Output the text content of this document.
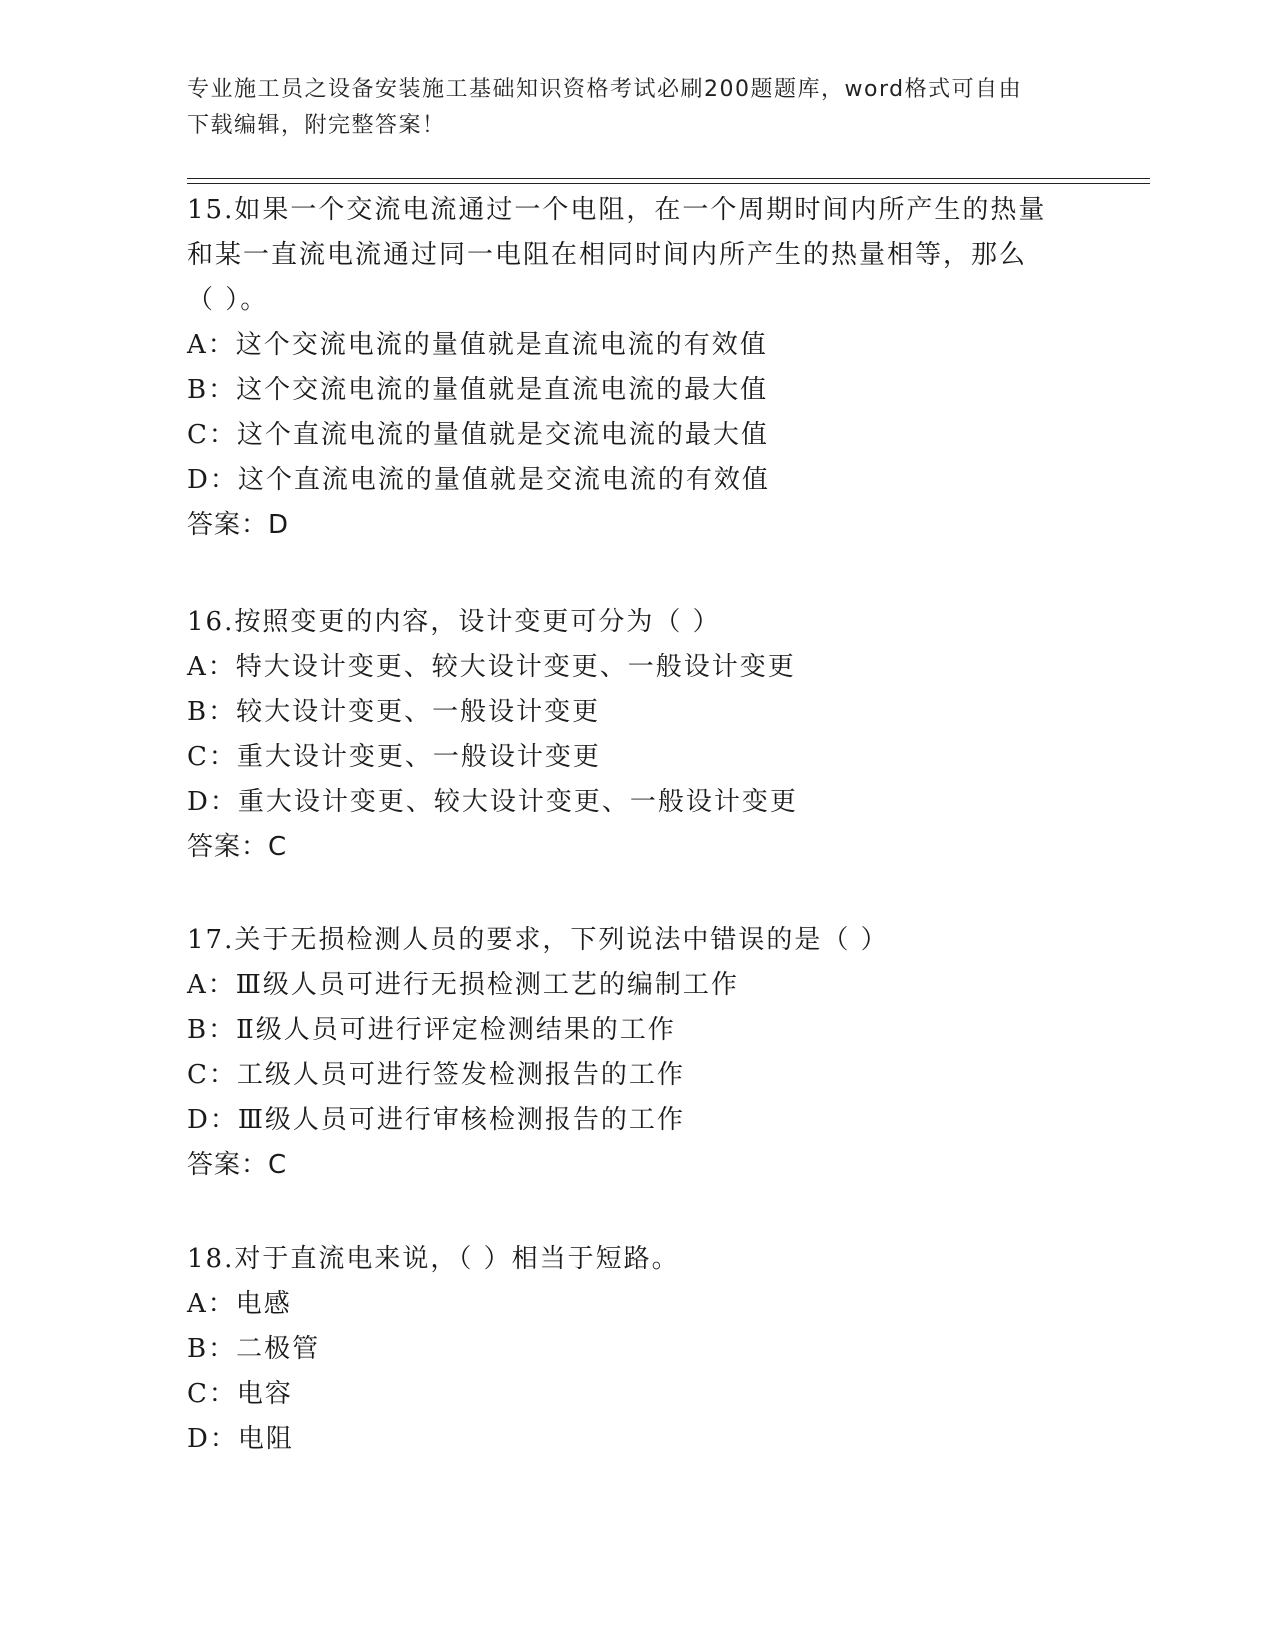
专业施工员之设备安装施工基础知识资格考试必刷200题题库，word格式可自由
下载编辑，附完整答案！
15.如果一个交流电流通过一个电阻，在一个周期时间内所产生的热量
和某一直流电流通过同一电阻在相同时间内所产生的热量相等，那么
（ ）。
A：这个交流电流的量值就是直流电流的有效值
B：这个交流电流的量值就是直流电流的最大值
C：这个直流电流的量值就是交流电流的最大值
D：这个直流电流的量值就是交流电流的有效值
答案：D
16.按照变更的内容，设计变更可分为（ ）
A：特大设计变更、较大设计变更、一般设计变更
B：较大设计变更、一般设计变更
C：重大设计变更、一般设计变更
D：重大设计变更、较大设计变更、一般设计变更
答案：C
17.关于无损检测人员的要求，下列说法中错误的是（ ）
A：Ⅲ级人员可进行无损检测工艺的编制工作
B：Ⅱ级人员可进行评定检测结果的工作
C：工级人员可进行签发检测报告的工作
D：Ⅲ级人员可进行审核检测报告的工作
答案：C
18.对于直流电来说，（ ）相当于短路。
A：电感
B：二极管
C：电容
D：电阻
